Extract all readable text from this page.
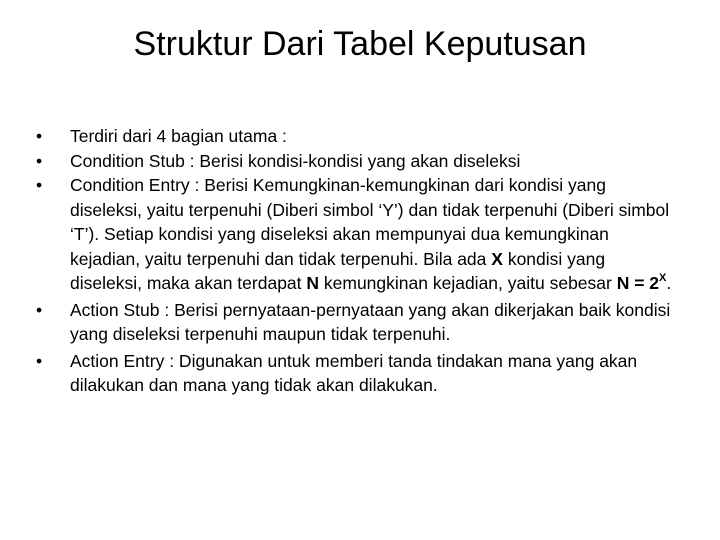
Struktur Dari Tabel Keputusan
•	Terdiri dari 4 bagian utama :
•	Condition Stub : Berisi kondisi-kondisi yang akan diseleksi
•	Condition Entry : Berisi Kemungkinan-kemungkinan dari kondisi yang diseleksi, yaitu terpenuhi (Diberi simbol ‘Y’) dan tidak terpenuhi (Diberi simbol ‘T’). Setiap kondisi yang diseleksi akan mempunyai dua kemungkinan kejadian, yaitu terpenuhi dan tidak terpenuhi. Bila ada X kondisi yang diseleksi, maka akan terdapat N kemungkinan kejadian, yaitu sebesar $N = 2^X$.
•	Action Stub : Berisi pernyataan-pernyataan yang akan dikerjakan baik kondisi yang diseleksi terpenuhi maupun tidak terpenuhi.
•	Action Entry : Digunakan untuk memberi tanda tindakan mana yang akan dilakukan dan mana yang tidak akan dilakukan.
